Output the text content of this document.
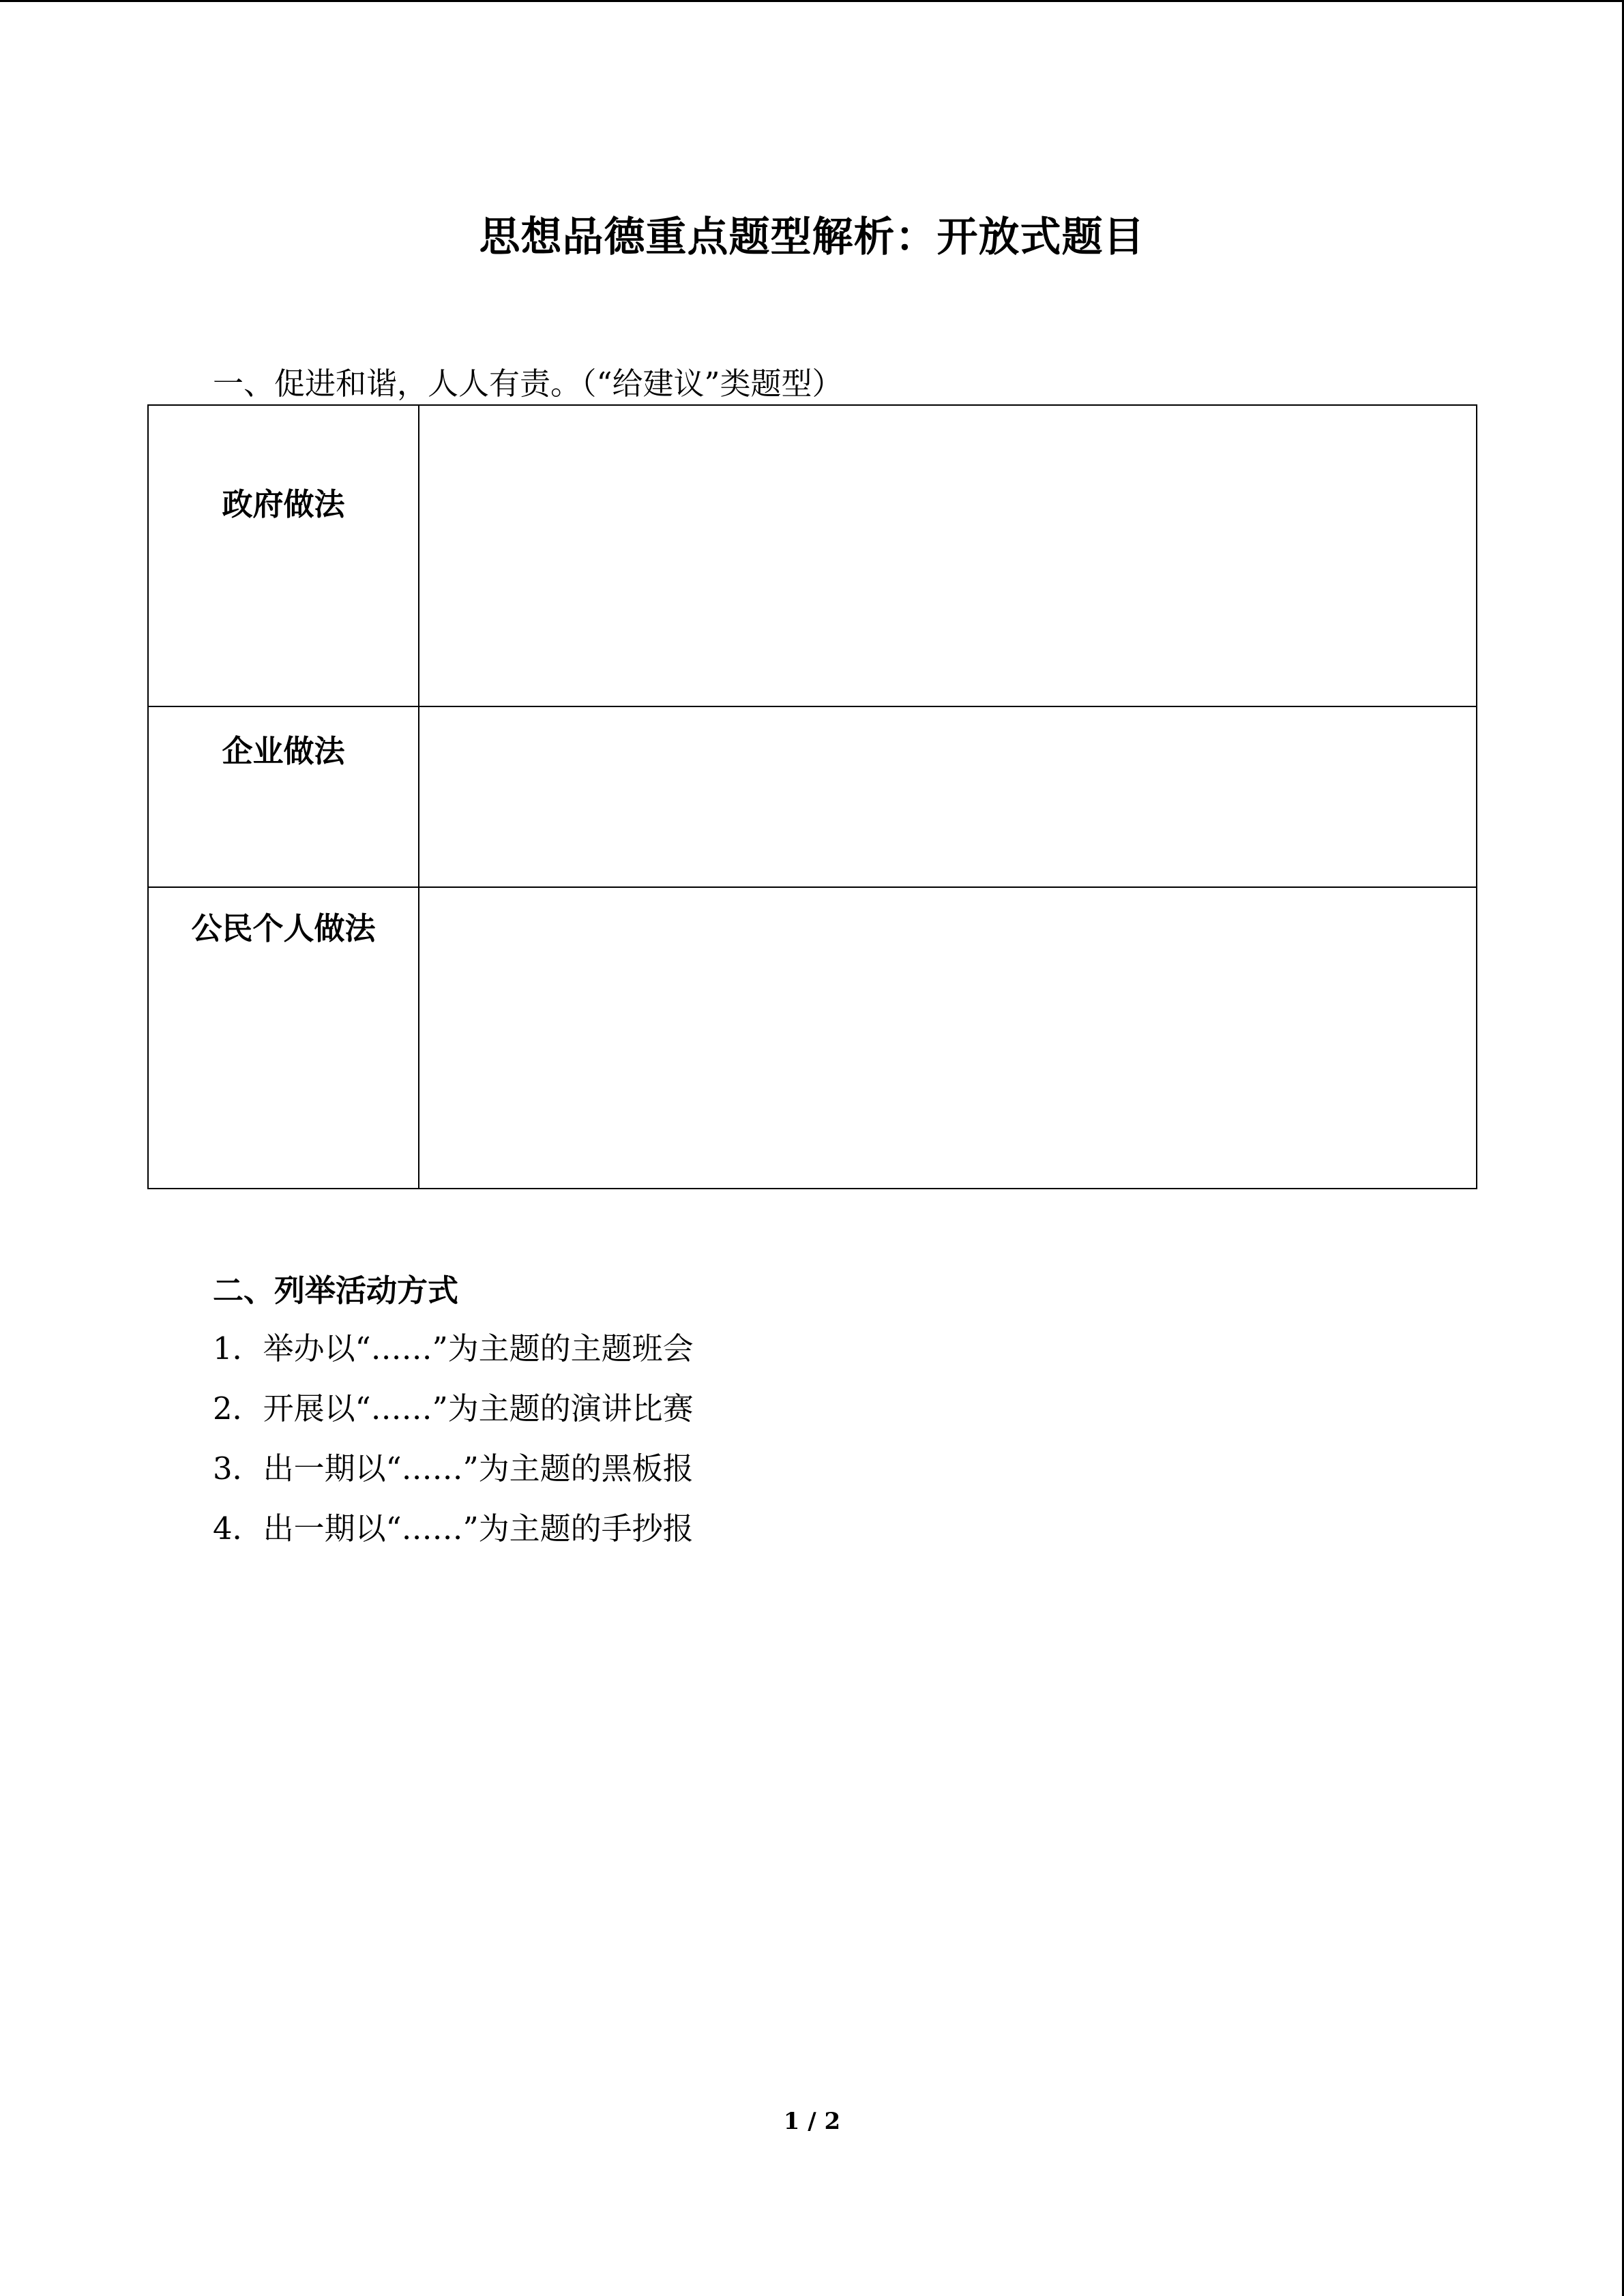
思想品德重点题型解析：开放式题目
一、促进和谐，人人有责。（“给建议”类题型）
政府做法	

企业做法	

公民个人做法	

二、列举活动方式
1．举办以“……”为主题的主题班会
2．开展以“……”为主题的演讲比赛
3．出一期以“……”为主题的黑板报
4．出一期以“……”为主题的手抄报
1 / 2
